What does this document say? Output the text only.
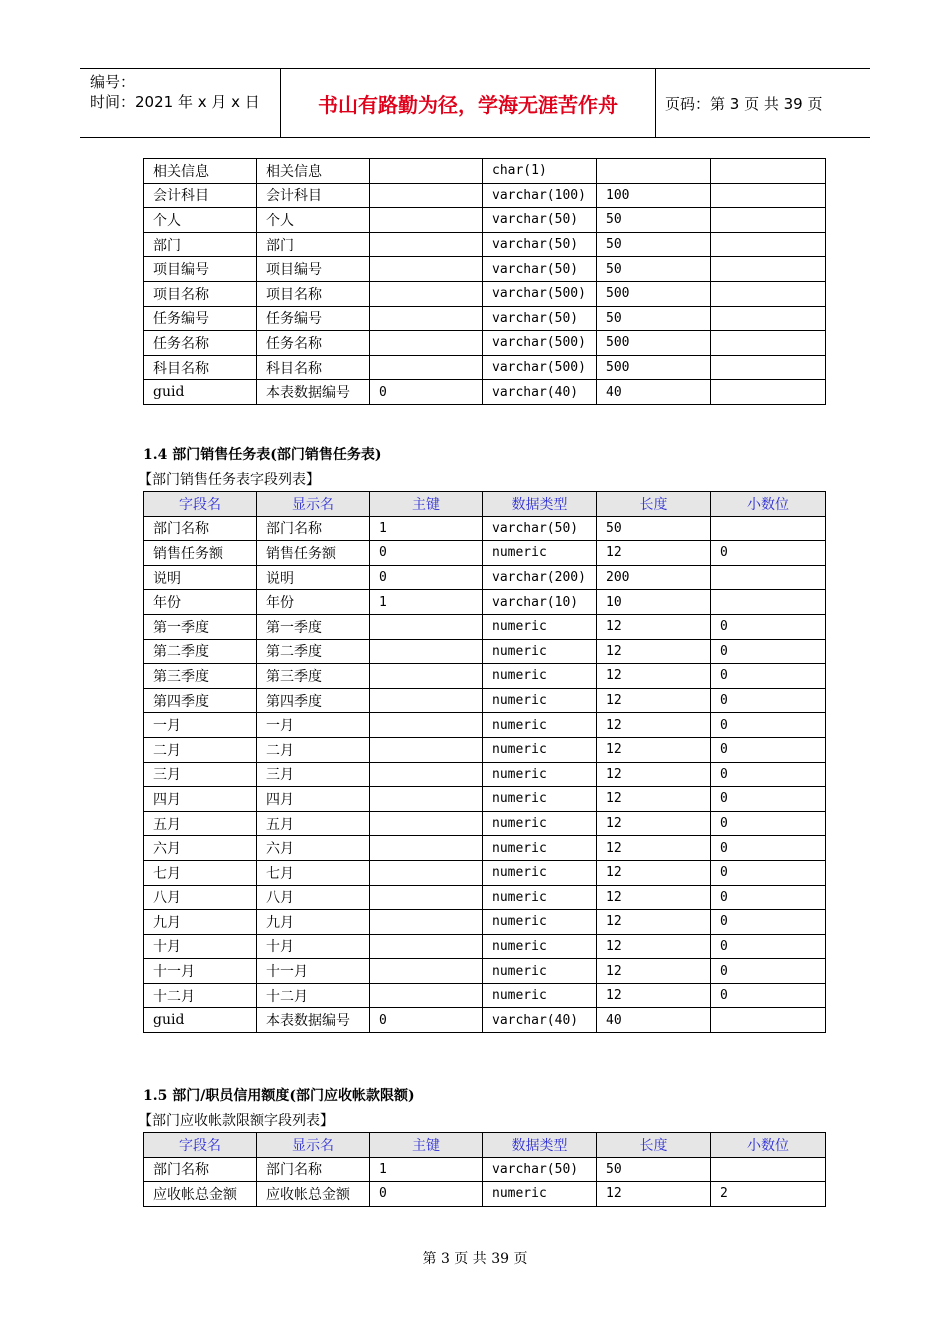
编号：
时间：2021 年 x 月 x 日	书山有路勤为径，学海无涯苦作舟	页码：第 3 页 共 39 页
相关信息	相关信息		char(1)		
会计科目	会计科目		varchar(100)	100	
个人	个人		varchar(50)	50	
部门	部门		varchar(50)	50	
项目编号	项目编号		varchar(50)	50	
项目名称	项目名称		varchar(500)	500	
任务编号	任务编号		varchar(50)	50	
任务名称	任务名称		varchar(500)	500	
科目名称	科目名称		varchar(500)	500	
guid	本表数据编号	0	varchar(40)	40	
1.4 部门销售任务表(部门销售任务表)
【部门销售任务表字段列表】
字段名	显示名	主键	数据类型	长度	小数位
部门名称	部门名称	1	varchar(50)	50	
销售任务额	销售任务额	0	numeric	12	0
说明	说明	0	varchar(200)	200	
年份	年份	1	varchar(10)	10	
第一季度	第一季度		numeric	12	0
第二季度	第二季度		numeric	12	0
第三季度	第三季度		numeric	12	0
第四季度	第四季度		numeric	12	0
一月	一月		numeric	12	0
二月	二月		numeric	12	0
三月	三月		numeric	12	0
四月	四月		numeric	12	0
五月	五月		numeric	12	0
六月	六月		numeric	12	0
七月	七月		numeric	12	0
八月	八月		numeric	12	0
九月	九月		numeric	12	0
十月	十月		numeric	12	0
十一月	十一月		numeric	12	0
十二月	十二月		numeric	12	0
guid	本表数据编号	0	varchar(40)	40	
1.5 部门/职员信用额度(部门应收帐款限额)
【部门应收帐款限额字段列表】
字段名	显示名	主键	数据类型	长度	小数位
部门名称	部门名称	1	varchar(50)	50	
应收帐总金额	应收帐总金额	0	numeric	12	2
第 3 页 共 39 页
